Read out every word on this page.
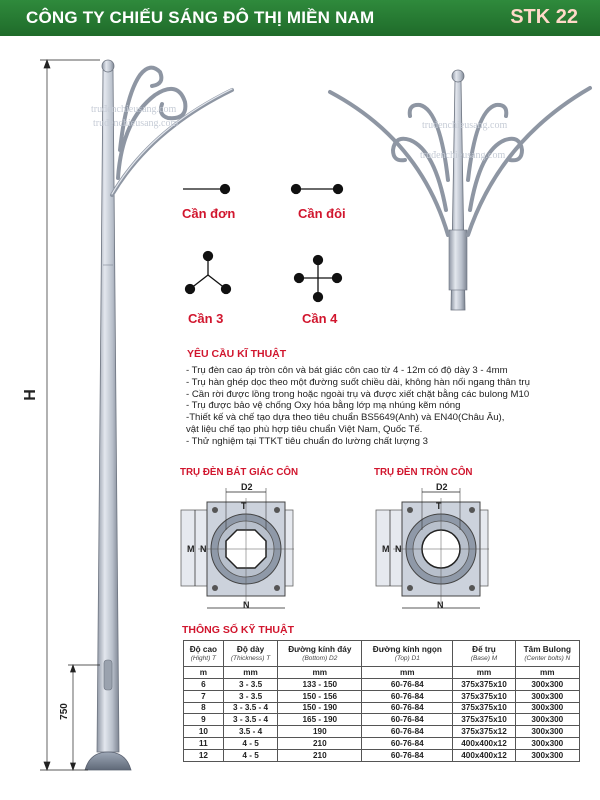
CÔNG TY CHIẾU SÁNG ĐÔ THỊ MIỀN NAM	STK 22
truđenchieusang.com
truđenchieusang.com	truđenchieusang.com
truđenchieusang.com
Cần đơn	Cần đôi
Cần 3	Cần 4
H
750
YÊU CẦU KĨ THUẬT
- Trụ đèn cao áp tròn côn và bát giác côn cao từ 4 - 12m có độ dày 3 - 4mm
- Trụ hàn ghép dọc theo một đường suốt chiều dài, không hàn nối ngang thân trụ
- Cần rời được lồng trong hoặc ngoài trụ và được xiết chặt bằng các bulong M10
- Trụ được bảo vệ chống Oxy hóa bằng lớp mạ nhúng kẽm nóng
-Thiết kế và chế tạo dựa theo tiêu chuẩn BS5649(Anh) và EN40(Châu Âu),
vật liệu chế tạo phù hợp tiêu chuẩn Việt Nam, Quốc Tế.
- Thử nghiệm tại TTKT tiêu chuẩn đo lường chất lượng 3
TRỤ ĐÈN BÁT GIÁC CÔN	TRỤ ĐÈN TRÒN CÔN
D2
T
M N
N
D2
T
M N
N
THÔNG SỐ KỸ THUẬT
Độ cao
(Hight) T	Độ dày
(Thickness) T	Đường kính đáy
(Bottom) D2	Đường kính ngọn
(Top) D1	Đế trụ
(Base) M	Tâm Bulong
(Center bolts) N

m	mm	mm	mm	mm	mm
6	3 - 3.5	133 - 150	60-76-84	375x375x10	300x300
7	3 - 3.5	150 - 156	60-76-84	375x375x10	300x300
8	3 - 3.5 - 4	150 - 190	60-76-84	375x375x10	300x300
9	3 - 3.5 - 4	165 - 190	60-76-84	375x375x10	300x300
10	3.5 - 4	190	60-76-84	375x375x12	300x300
11	4 - 5	210	60-76-84	400x400x12	300x300
12	4 - 5	210	60-76-84	400x400x12	300x300
